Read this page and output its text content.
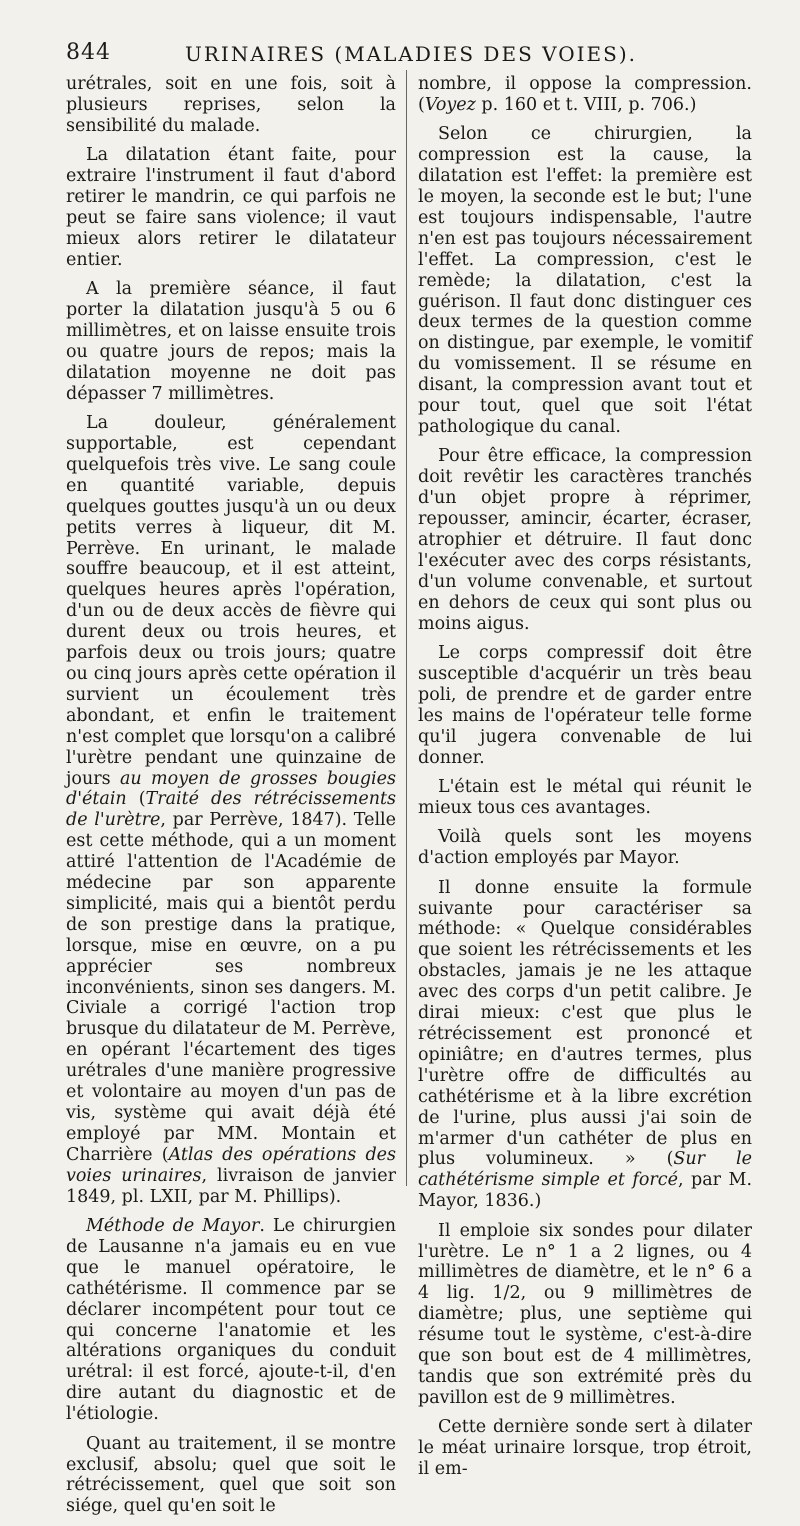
844	URINAIRES (MALADIES DES VOIES).

urétrales, soit en une fois, soit à plusieurs reprises, selon la sensibilité du malade.

La dilatation étant faite, pour extraire l'instrument il faut d'abord retirer le mandrin, ce qui parfois ne peut se faire sans violence; il vaut mieux alors retirer le dilatateur entier.

A la première séance, il faut porter la dilatation jusqu'à 5 ou 6 millimètres, et on laisse ensuite trois ou quatre jours de repos; mais la dilatation moyenne ne doit pas dépasser 7 millimètres.

La douleur, généralement supportable, est cependant quelquefois très vive. Le sang coule en quantité variable, depuis quelques gouttes jusqu'à un ou deux petits verres à liqueur, dit M. Perrève. En urinant, le malade souffre beaucoup, et il est atteint, quelques heures après l'opération, d'un ou de deux accès de fièvre qui durent deux ou trois heures, et parfois deux ou trois jours; quatre ou cinq jours après cette opération il survient un écoulement très abondant, et enfin le traitement n'est complet que lorsqu'on a calibré l'urètre pendant une quinzaine de jours au moyen de grosses bougies d'étain (Traité des rétrécissements de l'urètre, par Perrève, 1847). Telle est cette méthode, qui a un moment attiré l'attention de l'Académie de médecine par son apparente simplicité, mais qui a bientôt perdu de son prestige dans la pratique, lorsque, mise en œuvre, on a pu apprécier ses nombreux inconvénients, sinon ses dangers. M. Civiale a corrigé l'action trop brusque du dilatateur de M. Perrève, en opérant l'écartement des tiges urétrales d'une manière progressive et volontaire au moyen d'un pas de vis, système qui avait déjà été employé par MM. Montain et Charrière (Atlas des opérations des voies urinaires, livraison de janvier 1849, pl. LXII, par M. Phillips).

Méthode de Mayor. Le chirurgien de Lausanne n'a jamais eu en vue que le manuel opératoire, le cathétérisme. Il commence par se déclarer incompétent pour tout ce qui concerne l'anatomie et les altérations organiques du conduit urétral: il est forcé, ajoute-t-il, d'en dire autant du diagnostic et de l'étiologie.

Quant au traitement, il se montre exclusif, absolu; quel que soit le rétrécissement, quel que soit son siége, quel qu'en soit le

nombre, il oppose la compression. (Voyez p. 160 et t. VIII, p. 706.)

Selon ce chirurgien, la compression est la cause, la dilatation est l'effet: la première est le moyen, la seconde est le but; l'une est toujours indispensable, l'autre n'en est pas toujours nécessairement l'effet. La compression, c'est le remède; la dilatation, c'est la guérison. Il faut donc distinguer ces deux termes de la question comme on distingue, par exemple, le vomitif du vomissement. Il se résume en disant, la compression avant tout et pour tout, quel que soit l'état pathologique du canal.

Pour être efficace, la compression doit revêtir les caractères tranchés d'un objet propre à réprimer, repousser, amincir, écarter, écraser, atrophier et détruire. Il faut donc l'exécuter avec des corps résistants, d'un volume convenable, et surtout en dehors de ceux qui sont plus ou moins aigus.

Le corps compressif doit être susceptible d'acquérir un très beau poli, de prendre et de garder entre les mains de l'opérateur telle forme qu'il jugera convenable de lui donner.

L'étain est le métal qui réunit le mieux tous ces avantages.

Voilà quels sont les moyens d'action employés par Mayor.

Il donne ensuite la formule suivante pour caractériser sa méthode: « Quelque considérables que soient les rétrécissements et les obstacles, jamais je ne les attaque avec des corps d'un petit calibre. Je dirai mieux: c'est que plus le rétrécissement est prononcé et opiniâtre; en d'autres termes, plus l'urètre offre de difficultés au cathétérisme et à la libre excrétion de l'urine, plus aussi j'ai soin de m'armer d'un cathéter de plus en plus volumineux. » (Sur le cathétérisme simple et forcé, par M. Mayor, 1836.)

Il emploie six sondes pour dilater l'urètre. Le n° 1 a 2 lignes, ou 4 millimètres de diamètre, et le n° 6 a 4 lig. 1/2, ou 9 millimètres de diamètre; plus, une septième qui résume tout le système, c'est-à-dire que son bout est de 4 millimètres, tandis que son extrémité près du pavillon est de 9 millimètres.

Cette dernière sonde sert à dilater le méat urinaire lorsque, trop étroit, il em-
